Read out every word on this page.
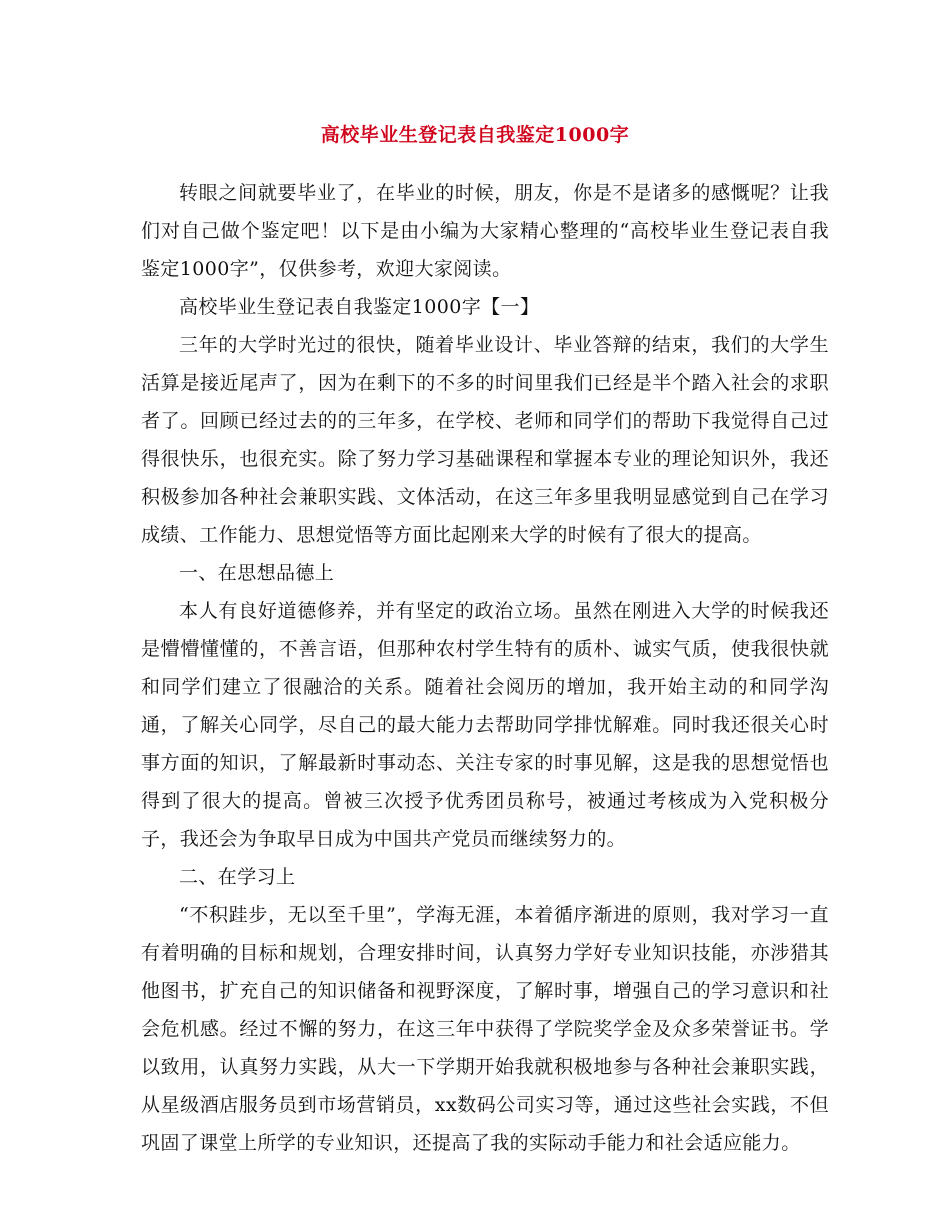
高校毕业生登记表自我鉴定1000字

转眼之间就要毕业了，在毕业的时候，朋友，你是不是诸多的感慨呢？让我们对自己做个鉴定吧！以下是由小编为大家精心整理的“高校毕业生登记表自我鉴定1000字”，仅供参考，欢迎大家阅读。

高校毕业生登记表自我鉴定1000字【一】

三年的大学时光过的很快，随着毕业设计、毕业答辩的结束，我们的大学生活算是接近尾声了，因为在剩下的不多的时间里我们已经是半个踏入社会的求职者了。回顾已经过去的的三年多，在学校、老师和同学们的帮助下我觉得自己过得很快乐，也很充实。除了努力学习基础课程和掌握本专业的理论知识外，我还积极参加各种社会兼职实践、文体活动，在这三年多里我明显感觉到自己在学习成绩、工作能力、思想觉悟等方面比起刚来大学的时候有了很大的提高。

一、在思想品德上

本人有良好道德修养，并有坚定的政治立场。虽然在刚进入大学的时候我还是懵懵懂懂的，不善言语，但那种农村学生特有的质朴、诚实气质，使我很快就和同学们建立了很融洽的关系。随着社会阅历的增加，我开始主动的和同学沟通，了解关心同学，尽自己的最大能力去帮助同学排忧解难。同时我还很关心时事方面的知识，了解最新时事动态、关注专家的时事见解，这是我的思想觉悟也得到了很大的提高。曾被三次授予优秀团员称号，被通过考核成为入党积极分子，我还会为争取早日成为中国共产党员而继续努力的。

二、在学习上

“不积跬步，无以至千里”，学海无涯，本着循序渐进的原则，我对学习一直有着明确的目标和规划，合理安排时间，认真努力学好专业知识技能，亦涉猎其他图书，扩充自己的知识储备和视野深度，了解时事，增强自己的学习意识和社会危机感。经过不懈的努力，在这三年中获得了学院奖学金及众多荣誉证书。学以致用，认真努力实践，从大一下学期开始我就积极地参与各种社会兼职实践，从星级酒店服务员到市场营销员，xx数码公司实习等，通过这些社会实践，不但巩固了课堂上所学的专业知识，还提高了我的实际动手能力和社会适应能力。
